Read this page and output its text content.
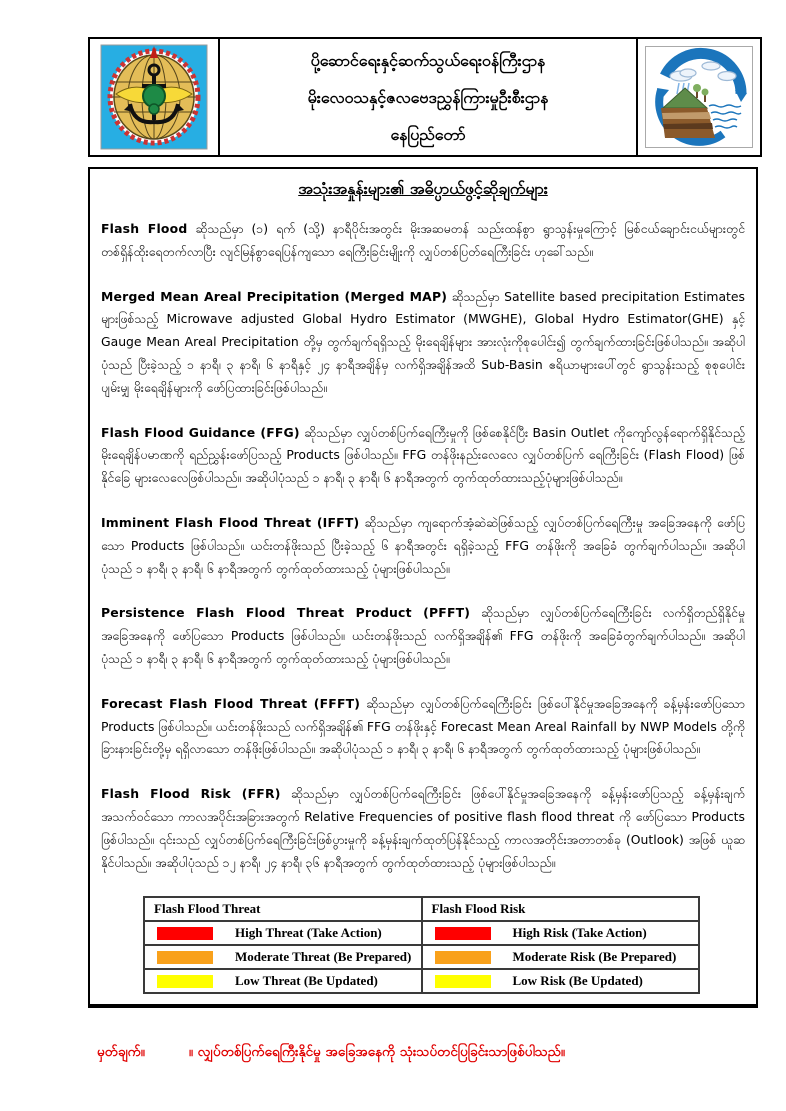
ပို့ဆောင်ရေးနှင့်ဆက်သွယ်ရေးဝန်ကြီးဌာန
မိုးလေဝသနှင့်ဇလဗေဒညွှန်ကြားမှုဦးစီးဌာန
နေပြည်တော်
အသုံးအနှုန်းများ၏ အဓိပ္ပာယ်ဖွင့်ဆိုချက်များ

Flash Flood ဆိုသည်မှာ (၁) ရက် (သို့) နာရီပိုင်းအတွင်း မိုးအဆမတန် သည်းထန်စွာ ရွာသွန်းမှုကြောင့် မြစ်ငယ်ချောင်းငယ်များတွင် တစ်ရှိန်ထိုးရေတက်လာပြီး လျင်မြန်စွာရေပြန်ကျသော ရေကြီးခြင်းမျိုးကို လျှပ်တစ်ပြတ်ရေကြီးခြင်း ဟုခေါ်သည်။

Merged Mean Areal Precipitation (Merged MAP) ဆိုသည်မှာ Satellite based precipitation Estimates များဖြစ်သည့် Microwave adjusted Global Hydro Estimator (MWGHE), Global Hydro Estimator(GHE) နှင့် Gauge Mean Areal Precipitation တို့မှ တွက်ချက်ရရှိသည့် မိုးရေချိန်များ အားလုံးကိုစုပေါင်း၍ တွက်ချက်ထားခြင်းဖြစ်ပါသည်။ အဆိုပါ ပုံသည် ပြီးခဲ့သည့် ၁ နာရီ၊ ၃ နာရီ၊ ၆ နာရီနှင့် ၂၄ နာရီအချိန်မှ လက်ရှိအချိန်အထိ Sub-Basin ဧရိယာများပေါ်တွင် ရွာသွန်းသည့် စုစုပေါင်း ပျမ်းမျှ မိုးရေချိန်များကို ဖော်ပြထားခြင်းဖြစ်ပါသည်။

Flash Flood Guidance (FFG) ဆိုသည်မှာ လျှပ်တစ်ပြက်ရေကြီးမှုကို ဖြစ်စေနိုင်ပြီး Basin Outlet ကိုကျော်လွန်ရောက်ရှိနိုင်သည့် မိုးရေချိန်ပမာဏကို ရည်ညွှန်းဖော်ပြသည့် Products ဖြစ်ပါသည်။ FFG တန်ဖိုးနည်းလေလေ လျှပ်တစ်ပြက် ရေကြီးခြင်း (Flash Flood) ဖြစ်နိုင်ခြေ များလေလေဖြစ်ပါသည်။ အဆိုပါပုံသည် ၁ နာရီ၊ ၃ နာရီ၊ ၆ နာရီအတွက် တွက်ထုတ်ထားသည့်ပုံများဖြစ်ပါသည်။

Imminent Flash Flood Threat (IFFT) ဆိုသည်မှာ ကျရောက်အံ့ဆဲဆဲဖြစ်သည့် လျှပ်တစ်ပြက်ရေကြီးမှု အခြေအနေကို ဖော်ပြသော Products ဖြစ်ပါသည်။ ယင်းတန်ဖိုးသည် ပြီးခဲ့သည့် ၆ နာရီအတွင်း ရရှိခဲ့သည့် FFG တန်ဖိုးကို အခြေခံ တွက်ချက်ပါသည်။ အဆိုပါပုံသည် ၁ နာရီ၊ ၃ နာရီ၊ ၆ နာရီအတွက် တွက်ထုတ်ထားသည့် ပုံများဖြစ်ပါသည်။

Persistence Flash Flood Threat Product (PFFT) ဆိုသည်မှာ လျှပ်တစ်ပြက်ရေကြီးခြင်း လက်ရှိတည်ရှိနိုင်မှု အခြေအနေကို ဖော်ပြသော Products ဖြစ်ပါသည်။ ယင်းတန်ဖိုးသည် လက်ရှိအချိန်၏ FFG တန်ဖိုးကို အခြေခံတွက်ချက်ပါသည်။ အဆိုပါပုံသည် ၁ နာရီ၊ ၃ နာရီ၊ ၆ နာရီအတွက် တွက်ထုတ်ထားသည့် ပုံများဖြစ်ပါသည်။

Forecast Flash Flood Threat (FFFT) ဆိုသည်မှာ လျှပ်တစ်ပြက်ရေကြီးခြင်း ဖြစ်ပေါ်နိုင်မှုအခြေအနေကို ခန့်မှန်းဖော်ပြသော Products ဖြစ်ပါသည်။ ယင်းတန်ဖိုးသည် လက်ရှိအချိန်၏ FFG တန်ဖိုးနှင့် Forecast Mean Areal Rainfall by NWP Models တို့ကို ခြားနားခြင်းတို့မှ ရရှိလာသော တန်ဖိုးဖြစ်ပါသည်။ အဆိုပါပုံသည် ၁ နာရီ၊ ၃ နာရီ၊ ၆ နာရီအတွက် တွက်ထုတ်ထားသည့် ပုံများဖြစ်ပါသည်။

Flash Flood Risk (FFR) ဆိုသည်မှာ လျှပ်တစ်ပြက်ရေကြီးခြင်း ဖြစ်ပေါ်နိုင်မှုအခြေအနေကို ခန့်မှန်းဖော်ပြသည့် ခန့်မှန်းချက် အသက်ဝင်သော ကာလအပိုင်းအခြားအတွက် Relative Frequencies of positive flash flood threat ကို ဖော်ပြသော Products ဖြစ်ပါသည်။ ၎င်းသည် လျှပ်တစ်ပြက်ရေကြီးခြင်းဖြစ်ပွားမှုကို ခန့်မှန်းချက်ထုတ်ပြန်နိုင်သည့် ကာလအတိုင်းအတာတစ်ခု (Outlook) အဖြစ် ယူဆနိုင်ပါသည်။ အဆိုပါပုံသည် ၁၂ နာရီ၊ ၂၄ နာရီ၊ ၃၆ နာရီအတွက် တွက်ထုတ်ထားသည့် ပုံများဖြစ်ပါသည်။

Flash Flood Threat	Flash Flood Risk

High Threat (Take Action)	High Risk (Take Action)

Moderate Threat (Be Prepared)	Moderate Risk (Be Prepared)

Low Threat (Be Updated)	Low Risk (Be Updated)
မှတ်ချက်။	။ လျှပ်တစ်ပြက်ရေကြီးနိုင်မှု အခြေအနေကို သုံးသပ်တင်ပြခြင်းသာဖြစ်ပါသည်။
